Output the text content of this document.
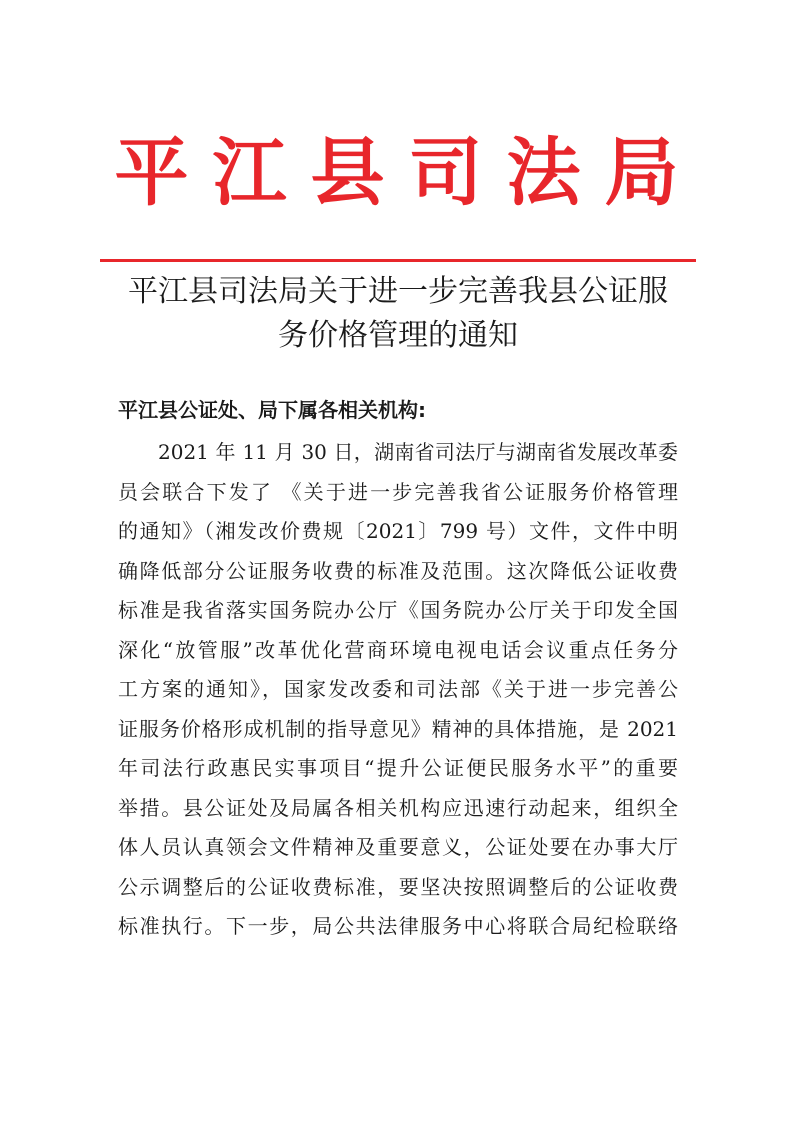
平江县司法局
平江县司法局关于进一步完善我县公证服
务价格管理的通知
平江县公证处、局下属各相关机构:
2021 年 11 月 30 日，湖南省司法厅与湖南省发展改革委
员会联合下发了 《关于进一步完善我省公证服务价格管理
的通知》（湘发改价费规〔2021〕799 号）文件，文件中明
确降低部分公证服务收费的标准及范围。这次降低公证收费
标准是我省落实国务院办公厅《国务院办公厅关于印发全国
深化“放管服”改革优化营商环境电视电话会议重点任务分
工方案的通知》，国家发改委和司法部《关于进一步完善公
证服务价格形成机制的指导意见》精神的具体措施，是 2021
年司法行政惠民实事项目“提升公证便民服务水平”的重要
举措。县公证处及局属各相关机构应迅速行动起来，组织全
体人员认真领会文件精神及重要意义，公证处要在办事大厅
公示调整后的公证收费标准，要坚决按照调整后的公证收费
标准执行。下一步，局公共法律服务中心将联合局纪检联络
